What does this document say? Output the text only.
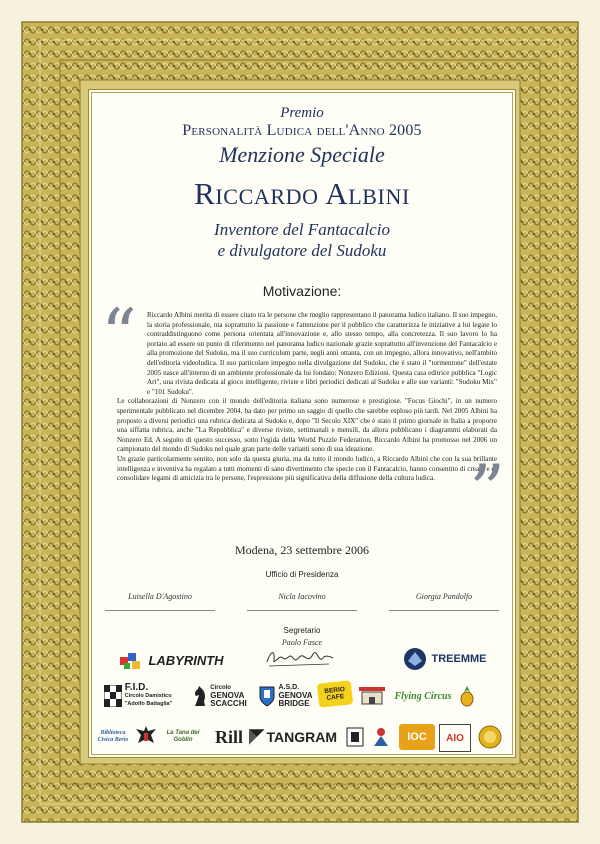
Premio
Personalità Ludica dell'Anno 2005
Menzione Speciale
Riccardo Albini
Inventore del Fantacalcio
e divulgatore del Sudoku
Motivazione:
“	Riccardo Albini merita di essere citato tra le persone che meglio rappresentano il panorama ludico italiano. Il suo impegno, la storia professionale, ma soprattutto la passione e l'attenzione per il pubblico che caratterizza le iniziative a lui legate lo contraddistinguono come persona orientata all'innovazione e, allo stesso tempo, alla concretezza. Il suo lavoro lo ha portato ad essere un punto di riferimento nel panorama ludico nazionale grazie soprattutto all'invenzione del Fantacalcio e alla promozione del Sudoku, ma il suo curriculum parte, negli anni ottanta, con un impegno, allora innovativo, nell'ambito dell'editoria videoludica. Il suo particolare impegno nella divulgazione del Sudoku, che è stato il "tormentone" dell'estate 2005 nasce all'interno di un ambiente professionale da lui fondato: Nonzero Edizioni. Questa casa editrice pubblica "Logic Art", una rivista dedicata al gioco intelligente, riviste e libri periodici dedicati al Sudoku e alle sue varianti: "Sudoku Mix" e "101 Sudoku".

Le collaborazioni di Nonzero con il mondo dell'editoria italiana sono numerose e prestigiose. "Focus Giochi", in un numero sperimentale pubblicato nel dicembre 2004, ha dato per primo un saggio di quello che sarebbe esploso più tardi. Nel 2005 Albini ha proposto a diversi periodici una rubrica dedicata al Sudoku e, dopo "Il Secolo XIX" che è stato il primo giornale in Italia a proporre una siffatta rubrica, anche "La Repubblica" e diverse riviste, settimanali e mensili, da allora pubblicano i diagrammi elaborati da Nonzero Ed. A seguito di questo successo, sotto l'egida della World Puzzle Federation, Riccardo Albini ha promosso nel 2006 un campionato del mondo di Sudoku nel quale gran parte delle varianti sono di sua ideazione.

Un grazie particolarmente sentito, non solo da questa giuria, ma da tutto il mondo ludico, a Riccardo Albini che con la sua brillante intelligenza e inventiva ha regalato a tutti momenti di sano divertimento che specie con il Fantacalcio, hanno consentito di creare e di consolidare legami di amicizia tra le persone, l'espressione più significativa della diffusione della cultura ludica. ”
Modena, 23 settembre 2006
Ufficio di Presidenza
Luisella D'Agostino	Nicla Iacovino	Giorgia Pandolfo
Segretario
Paolo Fasce
LABYRINTH	TREEMME
F.I.D.
Circolo Damistico
"Adolfo Battaglia"
Circolo
GENOVA
SCACCHI
A.S.D.
GENOVA
BRIDGE
BERIO CAFE	Flying Circus
Biblioteca Civica Berio
La Tana dei Goblin	Rill TANGRAM	IOC AIO
